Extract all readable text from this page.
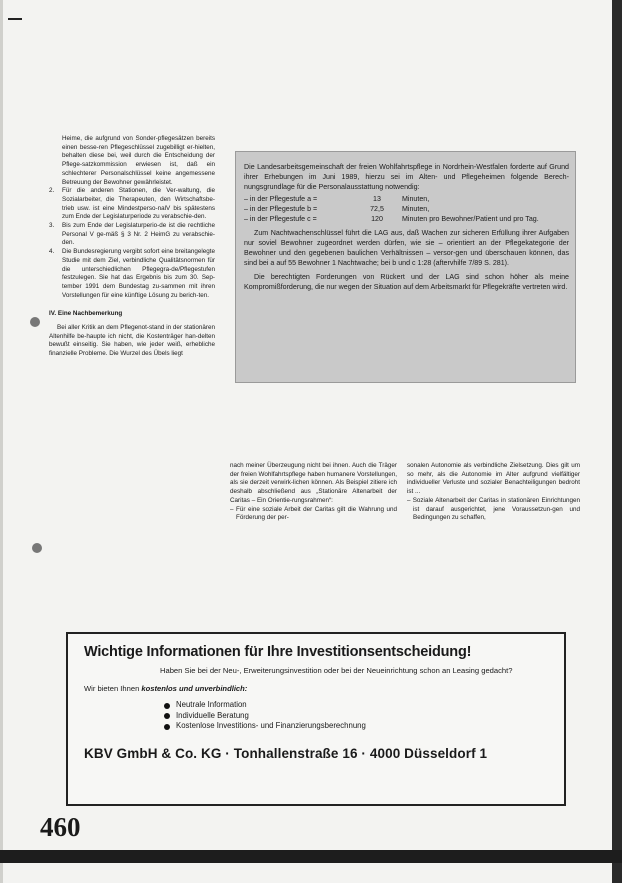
Heime, die aufgrund von Sonder-pflegesätzen bereits einen besse-ren Pflegeschlüssel zugebilligt er-hielten, behalten diese bei, weil durch die Entscheidung der Pflege-satzkommission erwiesen ist, daß ein schlechterer Personalschlüssel keine angemessene Betreuung der Bewohner gewährleistet.

2.	Für die anderen Stationen, die Ver-waltung, die Sozialarbeiter, die Therapeuten, den Wirtschaftsbe-trieb usw. ist eine Mindestperso-nalV bis spätestens zum Ende der Legislaturperiode zu verabschie-den.
3.	Bis zum Ende der Legislaturperio-de ist die rechtliche Personal V ge-mäß § 3 Nr. 2 HeimG zu verabschie-den.
4.	Die Bundesregierung vergibt sofort eine breitangelegte Studie mit dem Ziel, verbindliche Qualitätsnormen für die unterschiedlichen Pflegegra-de/Pflegestufen festzulegen. Sie hat das Ergebnis bis zum 30. Sep-tember 1991 dem Bundestag zu-sammen mit ihren Vorstellungen für eine künftige Lösung zu berich-ten.

IV. Eine Nachbemerkung

Bei aller Kritik an dem Pflegenot-stand in der stationären Altenhilfe be-haupte ich nicht, die Kostenträger han-delten bewußt einseitig. Sie haben, wie jeder weiß, erhebliche finanzielle Probleme. Die Wurzel des Übels liegt

Die Landesarbeitsgemeinschaft der freien Wohlfahrtspflege in Nordrhein-Westfalen forderte auf Grund ihrer Erhebungen im Juni 1989, hierzu sei im Alten- und Pflegeheimen folgende Berech-nungsgrundlage für die Personalausstattung notwendig:

– in der Pflegestufe a =	13	Minuten,
– in der Pflegestufe b =	72,5	Minuten,
– in der Pflegestufe c =	120	Minuten pro Bewohner/Patient und pro Tag.

Zum Nachtwachenschlüssel führt die LAG aus, daß Wachen zur sicheren Erfüllung ihrer Aufgaben nur soviel Bewohner zugeordnet werden dürfen, wie sie – orientiert an der Pflegekategorie der Bewohner und den gegebenen baulichen Verhältnissen – versor-gen und überschauen können, das sind bei a auf 55 Bewohner 1 Nachtwache; bei b und c 1:28 (aftervhilfe 7/89 S. 281).

Die berechtigten Forderungen von Rückert und der LAG sind schon höher als meine Kompromißforderung, die nur wegen der Situation auf dem Arbeitsmarkt für Pflegekräfte vertreten wird.

nach meiner Überzeugung nicht bei ihnen. Auch die Träger der freien Wohlfahrtspflege haben humanere Vorstellungen, als sie derzeit verwirk-lichen können. Als Beispiel zitiere ich deshalb abschließend aus „Stationäre Altenarbeit der Caritas – Ein Orientie-rungsrahmen“:

– Für eine soziale Arbeit der Caritas gilt die Wahrung und Förderung der per-

sonalen Autonomie als verbindliche Zielsetzung. Dies gilt um so mehr, als die Autonomie im Alter aufgrund vielfältiger individueller Verluste und sozialer Benachteiligungen bedroht ist ...

– Soziale Altenarbeit der Caritas in stationären Einrichtungen ist darauf ausgerichtet, jene Voraussetzun-gen und Bedingungen zu schaffen,

Wichtige Informationen für Ihre Investitionsentscheidung!
Haben Sie bei der Neu-, Erweiterungsinvestition oder bei der Neueinrichtung schon an Leasing gedacht?
Wir bieten Ihnen kostenlos und unverbindlich:
Neutrale Information
Individuelle Beratung
Kostenlose Investitions- und Finanzierungsberechnung
KBV GmbH & Co. KG · Tonhallenstraße 16 · 4000 Düsseldorf 1
460
